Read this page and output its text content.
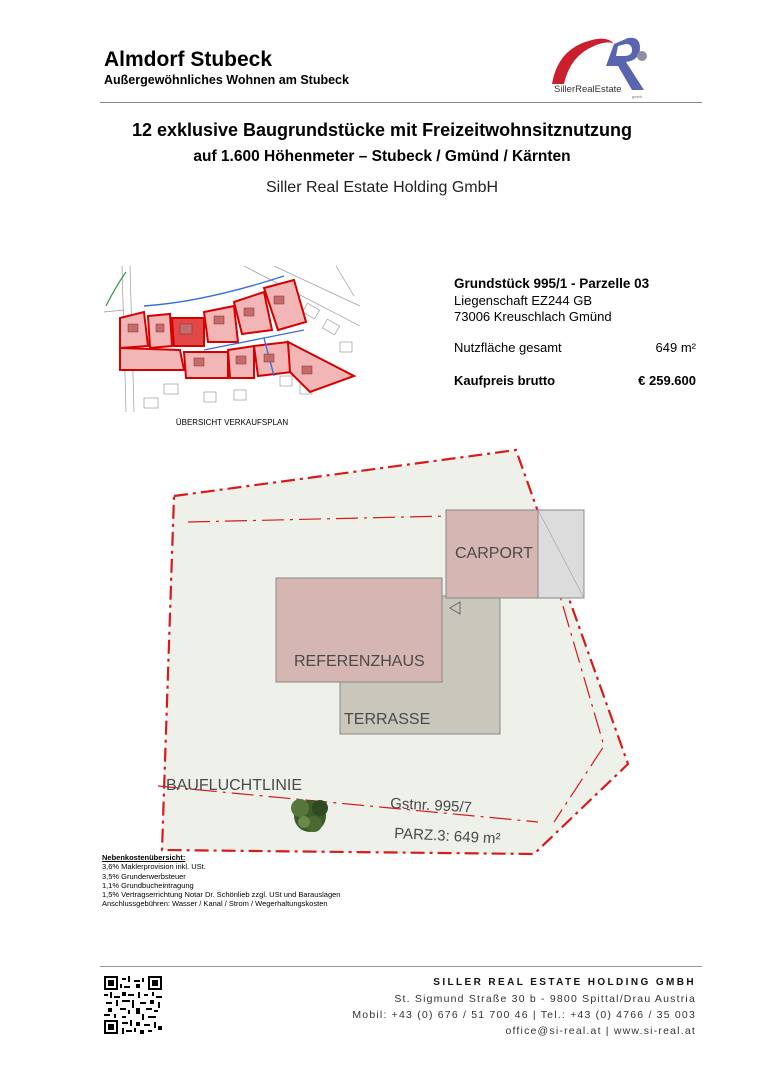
Almdorf Stubeck
Außergewöhnliches Wohnen am Stubeck
SillerRealEstate
gmbh
12 exklusive Baugrundstücke mit Freizeitwohnsitznutzung
auf 1.600 Höhenmeter – Stubeck / Gmünd / Kärnten
Siller Real Estate Holding GmbH
ÜBERSICHT VERKAUFSPLAN
Grundstück 995/1 - Parzelle 03
Liegenschaft EZ244 GB
73006 Kreuschlach Gmünd
Nutzfläche gesamt	649 m²
Kaufpreis brutto	€ 259.600
CARPORT
REFERENZHAUS
TERRASSE
BAUFLUCHTLINIE
Gstnr. 995/7
PARZ.3: 649 m²
Nebenkostenübersicht:
3,6% Maklerprovision inkl. USt.
3,5% Grunderwerbsteuer
1,1% Grundbucheintragung
1,5% Vertragserrichtung Notar Dr. Schönlieb zzgl. USt und Barauslagen
Anschlussgebühren: Wasser / Kanal / Strom / Wegerhaltungskosten
SILLER REAL ESTATE HOLDING GMBH
St. Sigmund Straße 30 b - 9800 Spittal/Drau Austria
Mobil: +43 (0) 676 / 51 700 46 | Tel.: +43 (0) 4766 / 35 003
office@si-real.at | www.si-real.at
